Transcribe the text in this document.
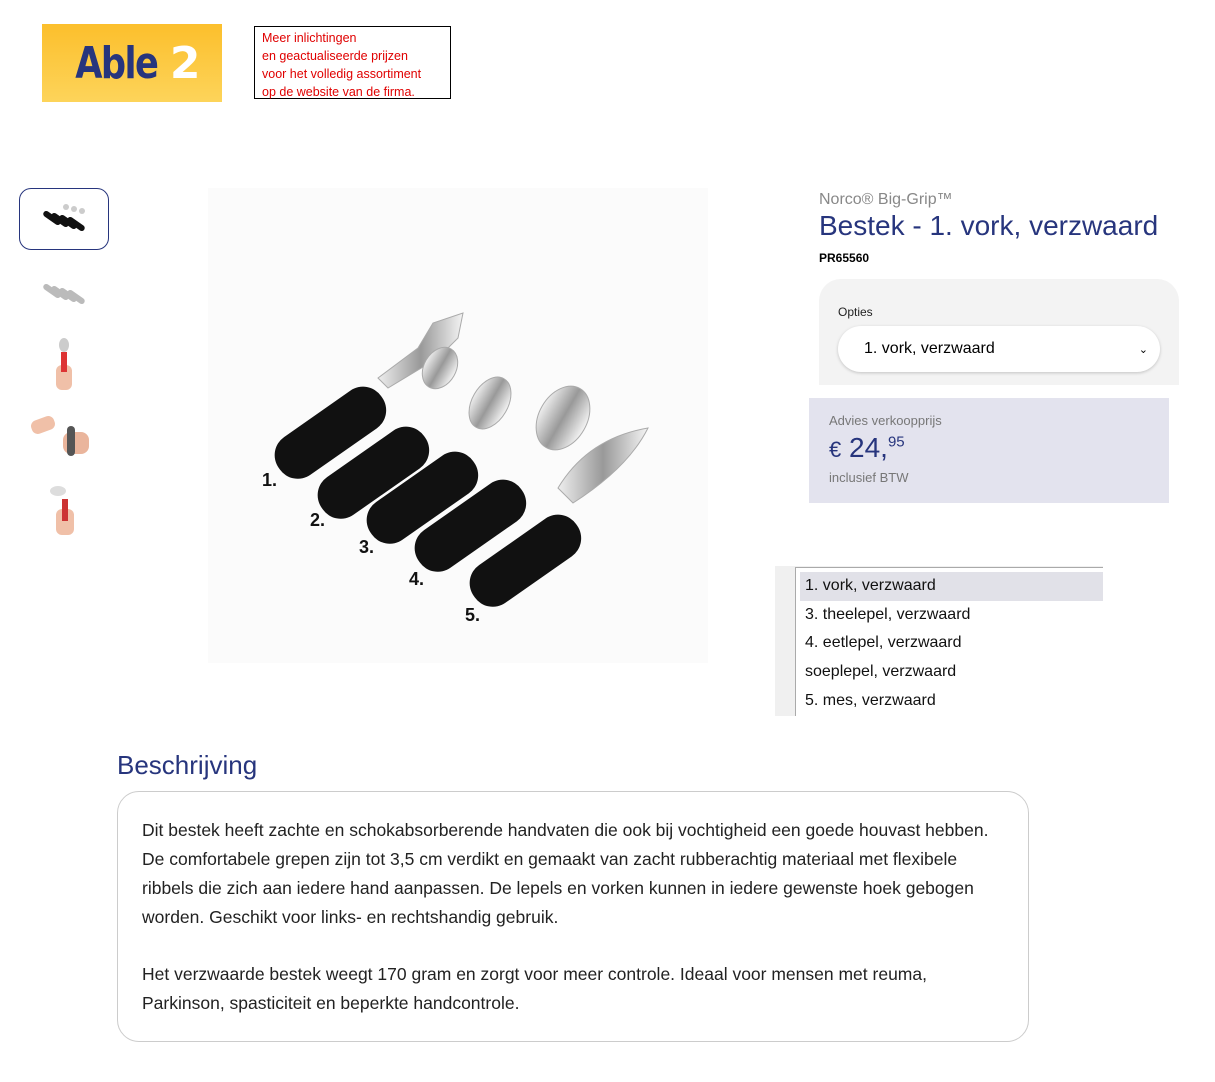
Able 2	Meer inlichtingen
en geactualiseerde prijzen
voor het volledig assortiment
op de website van de firma.
1.
2.
3.
4.
5.
Norco® Big-Grip™
Bestek - 1. vork, verzwaard
PR65560
Opties
1. vork, verzwaard	⌄
Advies verkoopprijs
€ 24,95
inclusief BTW
1. vork, verzwaard
3. theelepel, verzwaard
4. eetlepel, verzwaard
soeplepel, verzwaard
5. mes, verzwaard
Beschrijving

Dit bestek heeft zachte en schokabsorberende handvaten die ook bij vochtigheid een goede houvast hebben. De comfortabele grepen zijn tot 3,5 cm verdikt en gemaakt van zacht rubberachtig materiaal met flexibele ribbels die zich aan iedere hand aanpassen. De lepels en vorken kunnen in iedere gewenste hoek gebogen worden. Geschikt voor links- en rechtshandig gebruik.

Het verzwaarde bestek weegt 170 gram en zorgt voor meer controle. Ideaal voor mensen met reuma, Parkinson, spasticiteit en beperkte handcontrole.
